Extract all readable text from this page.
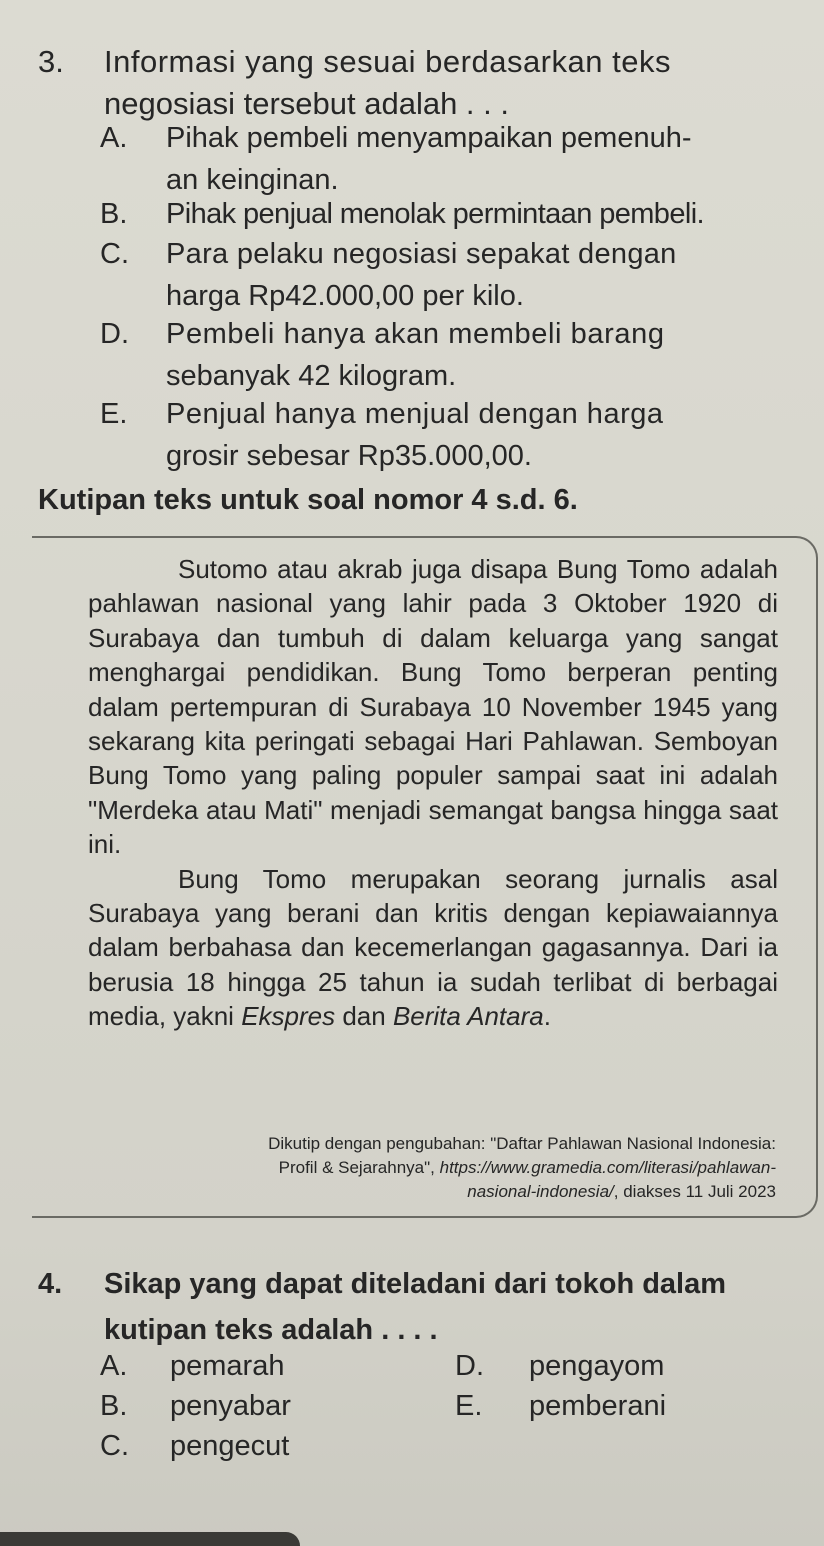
3. Informasi yang sesuai berdasarkan teks
negosiasi tersebut adalah . . .
A. Pihak pembeli menyampaikan pemenuh-
an keinginan.
B. Pihak penjual menolak permintaan pembeli.
C. Para pelaku negosiasi sepakat dengan
harga Rp42.000,00 per kilo.
D. Pembeli hanya akan membeli barang
sebanyak 42 kilogram.
E. Penjual hanya menjual dengan harga
grosir sebesar Rp35.000,00.
Kutipan teks untuk soal nomor 4 s.d. 6.

Sutomo atau akrab juga disapa Bung Tomo adalah pahlawan nasional yang lahir pada 3 Oktober 1920 di Surabaya dan tumbuh di dalam keluarga yang sangat menghargai pendidikan. Bung Tomo berperan penting dalam pertempuran di Surabaya 10 November 1945 yang sekarang kita peringati sebagai Hari Pahlawan. Semboyan Bung Tomo yang paling populer sampai saat ini adalah "Merdeka atau Mati" menjadi semangat bangsa hingga saat ini.

Bung Tomo merupakan seorang jurnalis asal Surabaya yang berani dan kritis dengan kepiawaiannya dalam berbahasa dan kecemerlangan gagasannya. Dari ia berusia 18 hingga 25 tahun ia sudah terlibat di berbagai media, yakni Ekspres dan Berita Antara.

Dikutip dengan pengubahan: "Daftar Pahlawan Nasional Indonesia:
Profil & Sejarahnya", https://www.gramedia.com/literasi/pahlawan-
nasional-indonesia/, diakses 11 Juli 2023
4. Sikap yang dapat diteladani dari tokoh dalam
kutipan teks adalah . . . .
A. pemarah
B. penyabar
C. pengecut
D. pengayom
E. pemberani
